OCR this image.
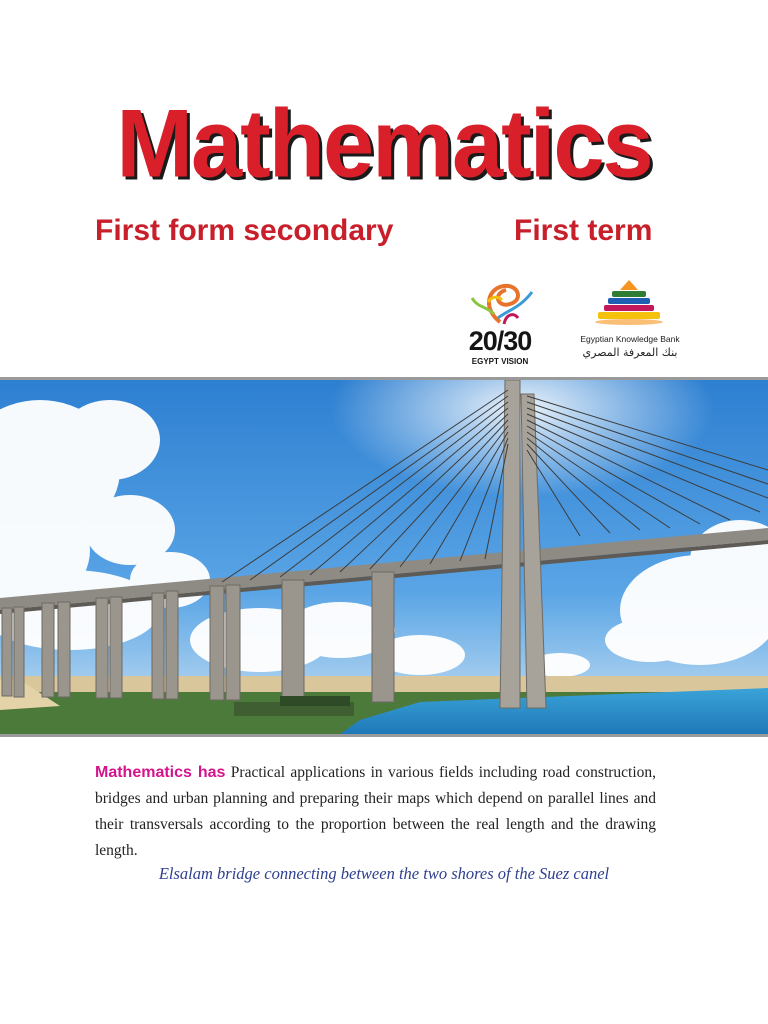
Mathematics
First form secondary	First term
20/30
EGYPT VISION
Egyptian Knowledge Bank
بنك المعرفة المصري
Mathematics has Practical applications in various fields including road construction, bridges and urban planning and preparing their maps which depend on parallel lines and their transversals according to the proportion between the real length and the drawing length.
Elsalam bridge connecting between the two shores of the Suez canel
